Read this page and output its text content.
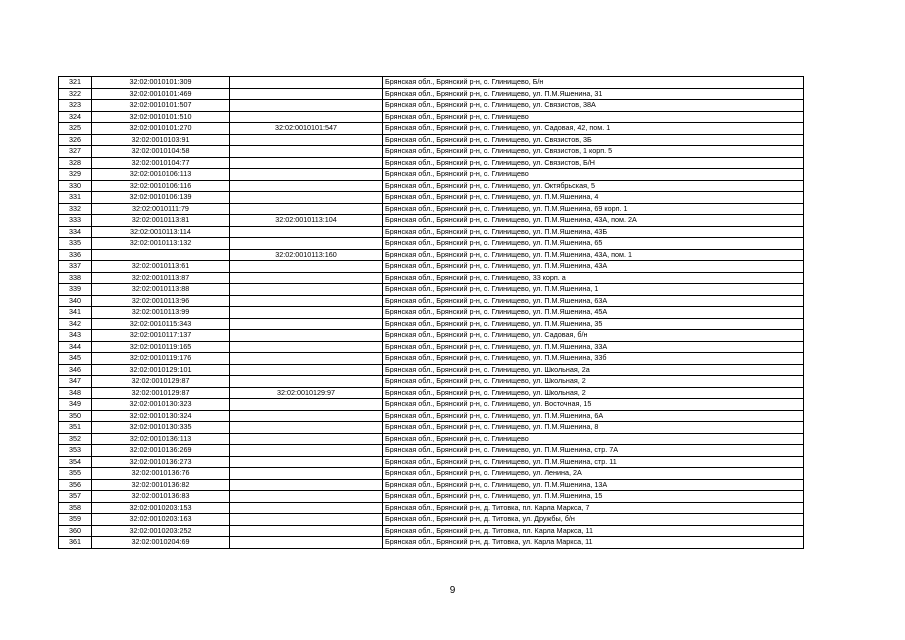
321	32:02:0010101:309		Брянская обл., Брянский р-н, с. Глинищево, Б/н
322	32:02:0010101:469		Брянская обл., Брянский р-н, с. Глинищево, ул. П.М.Яшенина, 31
323	32:02:0010101:507		Брянская обл., Брянский р-н, с. Глинищево, ул. Связистов, 38А
324	32:02:0010101:510		Брянская обл., Брянский р-н, с. Глинищево
325	32:02:0010101:270	32:02:0010101:547	Брянская обл., Брянский р-н, с. Глинищево, ул. Садовая, 42, пом. 1
326	32:02:0010103:91		Брянская обл., Брянский р-н, с. Глинищево, ул. Связистов, 3Б
327	32:02:0010104:58		Брянская обл., Брянский р-н, с. Глинищево, ул. Связистов, 1 корп. 5
328	32:02:0010104:77		Брянская обл., Брянский р-н, с. Глинищево, ул. Связистов, Б/Н
329	32:02:0010106:113		Брянская обл., Брянский р-н, с. Глинищево
330	32:02:0010106:116		Брянская обл., Брянский р-н, с. Глинищево, ул. Октябрьская, 5
331	32:02:0010106:139		Брянская обл., Брянский р-н, с. Глинищево, ул. П.М.Яшенина, 4
332	32:02:0010111:79		Брянская обл., Брянский р-н, с. Глинищево, ул. П.М.Яшенина, 69 корп. 1
333	32:02:0010113:81	32:02:0010113:104	Брянская обл., Брянский р-н, с. Глинищево, ул. П.М.Яшенина, 43А, пом. 2А
334	32:02:0010113:114		Брянская обл., Брянский р-н, с. Глинищево, ул. П.М.Яшенина, 43Б
335	32:02:0010113:132		Брянская обл., Брянский р-н, с. Глинищево, ул. П.М.Яшенина, 65
336		32:02:0010113:160	Брянская обл., Брянский р-н, с. Глинищево, ул. П.М.Яшенина, 43А, пом. 1
337	32:02:0010113:61		Брянская обл., Брянский р-н, с. Глинищево, ул. П.М.Яшенина, 43А
338	32:02:0010113:87		Брянская обл., Брянский р-н, с. Глинищево, 33 корп. а
339	32:02:0010113:88		Брянская обл., Брянский р-н, с. Глинищево, ул. П.М.Яшенина, 1
340	32:02:0010113:96		Брянская обл., Брянский р-н, с. Глинищево, ул. П.М.Яшенина, 63А
341	32:02:0010113:99		Брянская обл., Брянский р-н, с. Глинищево, ул. П.М.Яшенина, 45А
342	32:02:0010115:343		Брянская обл., Брянский р-н, с. Глинищево, ул. П.М.Яшенина, 35
343	32:02:0010117:137		Брянская обл., Брянский р-н, с. Глинищево, ул. Садовая, б/н
344	32:02:0010119:165		Брянская обл., Брянский р-н, с. Глинищево, ул. П.М.Яшенина, 33А
345	32:02:0010119:176		Брянская обл., Брянский р-н, с. Глинищево, ул. П.М.Яшенина, 33б
346	32:02:0010129:101		Брянская обл., Брянский р-н, с. Глинищево, ул. Школьная, 2а
347	32:02:0010129:87		Брянская обл., Брянский р-н, с. Глинищево, ул. Школьная, 2
348	32:02:0010129:87	32:02:0010129:97	Брянская обл., Брянский р-н, с. Глинищево, ул. Школьная, 2
349	32:02:0010130:323		Брянская обл., Брянский р-н, с. Глинищево, ул. Восточная, 15
350	32:02:0010130:324		Брянская обл., Брянский р-н, с. Глинищево, ул. П.М.Яшенина, 6А
351	32:02:0010130:335		Брянская обл., Брянский р-н, с. Глинищево, ул. П.М.Яшенина, 8
352	32:02:0010136:113		Брянская обл., Брянский р-н, с. Глинищево
353	32:02:0010136:269		Брянская обл., Брянский р-н, с. Глинищево, ул. П.М.Яшенина, стр. 7А
354	32:02:0010136:273		Брянская обл., Брянский р-н, с. Глинищево, ул. П.М.Яшенина, стр. 11
355	32:02:0010136:76		Брянская обл., Брянский р-н, с. Глинищево, ул. Ленина, 2А
356	32:02:0010136:82		Брянская обл., Брянский р-н, с. Глинищево, ул. П.М.Яшенина, 13А
357	32:02:0010136:83		Брянская обл., Брянский р-н, с. Глинищево, ул. П.М.Яшенина, 15
358	32:02:0010203:153		Брянская обл., Брянский р-н, д. Титовка, пл. Карла Маркса, 7
359	32:02:0010203:163		Брянская обл., Брянский р-н, д. Титовка, ул. Дружбы, б/н
360	32:02:0010203:252		Брянская обл., Брянский р-н, д. Титовка, пл. Карла Маркса, 11
361	32:02:0010204:69		Брянская обл., Брянский р-н, д. Титовка, ул. Карла Маркса, 11
9
